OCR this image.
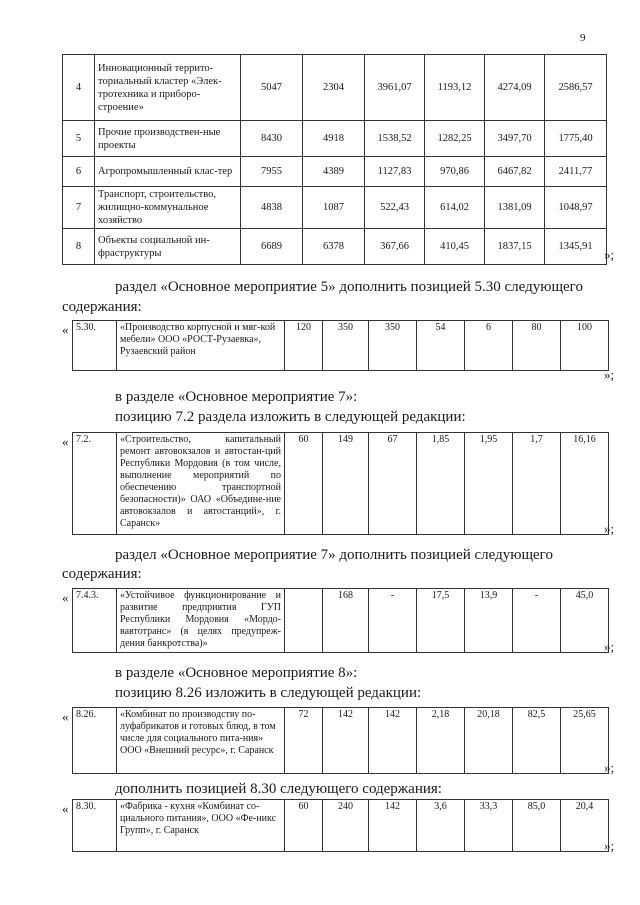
9
4	Инновационный террито-ториальный кластер «Элек-тротехника и приборо-строение»	5047	2304	3961,07	1193,12	4274,09	2586,57
5	Прочие производствен-ные проекты	8430	4918	1538,52	1282,25	3497,70	1775,40
6	Агропромышленный клас-тер	7955	4389	1127,83	970,86	6467,82	2411,77
7	Транспорт, строительство, жилищно-коммунальное хозяйство	4838	1087	522,43	614,02	1381,09	1048,97
8	Объекты социальной ин-фраструктуры	6689	6378	367,66	410,45	1837,15	1345,91
»;
раздел «Основное мероприятие 5» дополнить позицией 5.30 следующего
содержания:
« 5.30.	«Производство корпусной и мяг-кой мебели» ООО «РОСТ-Рузаевка», Рузаевский район	120	350	350	54	6	80	100
»;
в разделе «Основное мероприятие 7»:
позицию 7.2 раздела изложить в следующей редакции:
« 7.2.	«Строительство, капитальный ремонт автовокзалов и автостан-ций Республики Мордовия (в том числе, выполнение мероприятий по обеспечению транспортной безопасности)» ОАО «Объедине-ние автовокзалов и автостанций», г. Саранск»	60	149	67	1,85	1,95	1,7	16,16
»;
раздел «Основное мероприятие 7» дополнить позицией следующего
содержания:
« 7.4.3.	«Устойчивое функционирование и развитие предприятия ГУП Республики Мордовия «Мордо-вавтотранс» (в целях предупреж-дения банкротства)»		168	-	17,5	13,9	-	45,0
»;
в разделе «Основное мероприятие 8»:
позицию 8.26 изложить в следующей редакции:
« 8.26.	«Комбинат по производству по-луфабрикатов и готовых блюд, в том числе для социального пита-ния» ООО «Внешний ресурс», г. Саранск	72	142	142	2,18	20,18	82,5	25,65
»;
дополнить позицией 8.30 следующего содержания:
« 8.30.	«Фабрика - кухня «Комбинат со-циального питания», ООО «Фе-никс Групп», г. Саранск	60	240	142	3,6	33,3	85,0	20,4
»;
